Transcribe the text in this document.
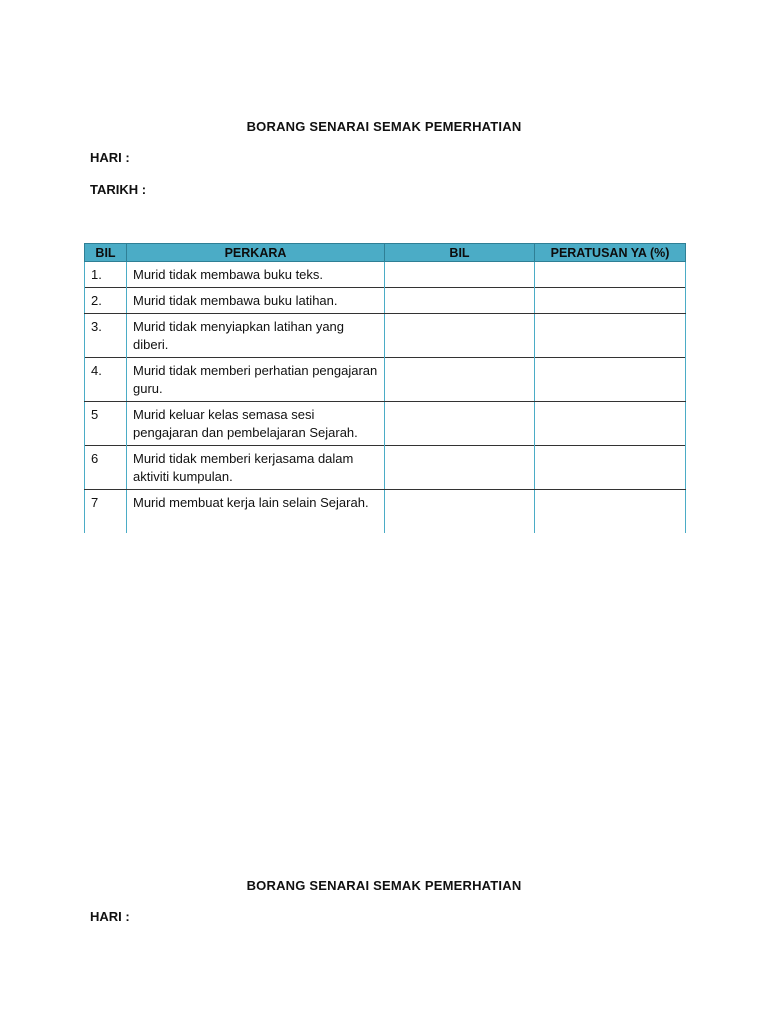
BORANG SENARAI SEMAK PEMERHATIAN
HARI :
TARIKH :
BIL	PERKARA	BIL	PERATUSAN YA (%)
1.	Murid tidak membawa buku teks.		
2.	Murid tidak membawa buku latihan.		
3.	Murid tidak menyiapkan latihan yang diberi.		
4.	Murid tidak memberi perhatian pengajaran guru.		
5	Murid keluar kelas semasa sesi pengajaran dan pembelajaran Sejarah.		
6	Murid tidak memberi kerjasama dalam aktiviti kumpulan.		
7	Murid membuat kerja lain selain Sejarah.		
BORANG SENARAI SEMAK PEMERHATIAN
HARI :
